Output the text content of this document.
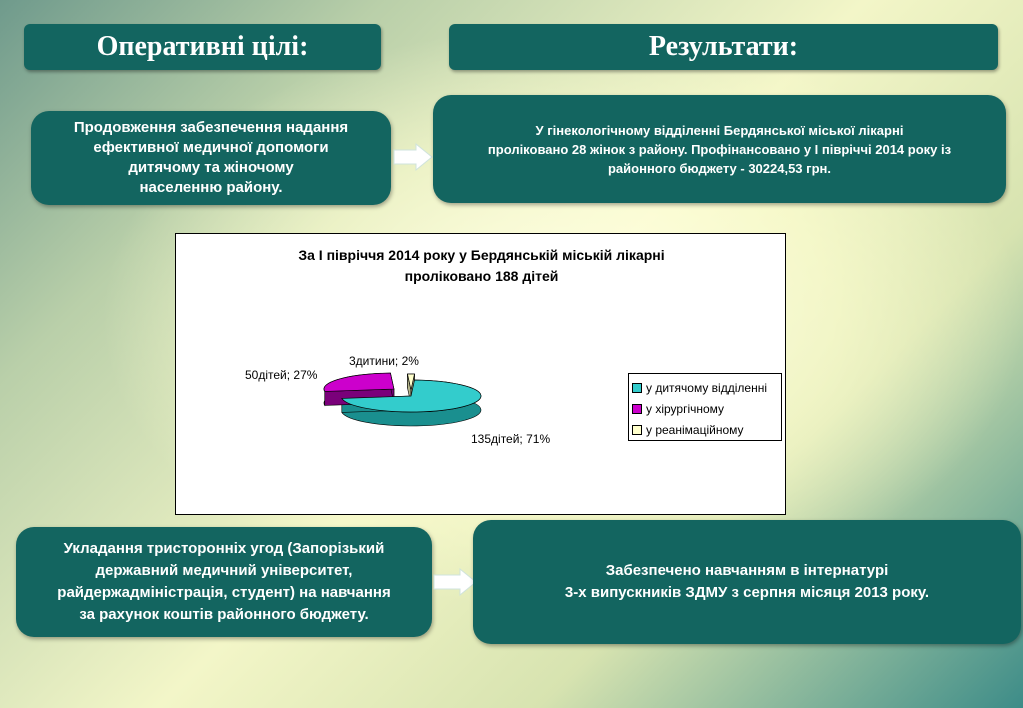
Оперативні цілі:	Результати:
Продовження забезпечення надання
ефективної медичної допомоги
дитячому та жіночому
населенню району.
У гінекологічному відділенні Бердянської міської лікарні
проліковано 28 жінок з району. Профінансовано у І півріччі 2014 року із
районного бюджету - 30224,53 грн.
За І півріччя 2014 року у Бердянській міській лікарні
проліковано 188 дітей
50дітей; 27%
3дитини; 2%
135дітей; 71%
у дитячому відділенні
у хірургічному
у реанімаційному
Укладання тристоронніх угод (Запорізький
державний медичний університет,
райдержадміністрація, студент) на навчання
за рахунок коштів районного бюджету.
Забезпечено навчанням в інтернатурі
3-х випускників ЗДМУ з серпня місяця 2013 року.
